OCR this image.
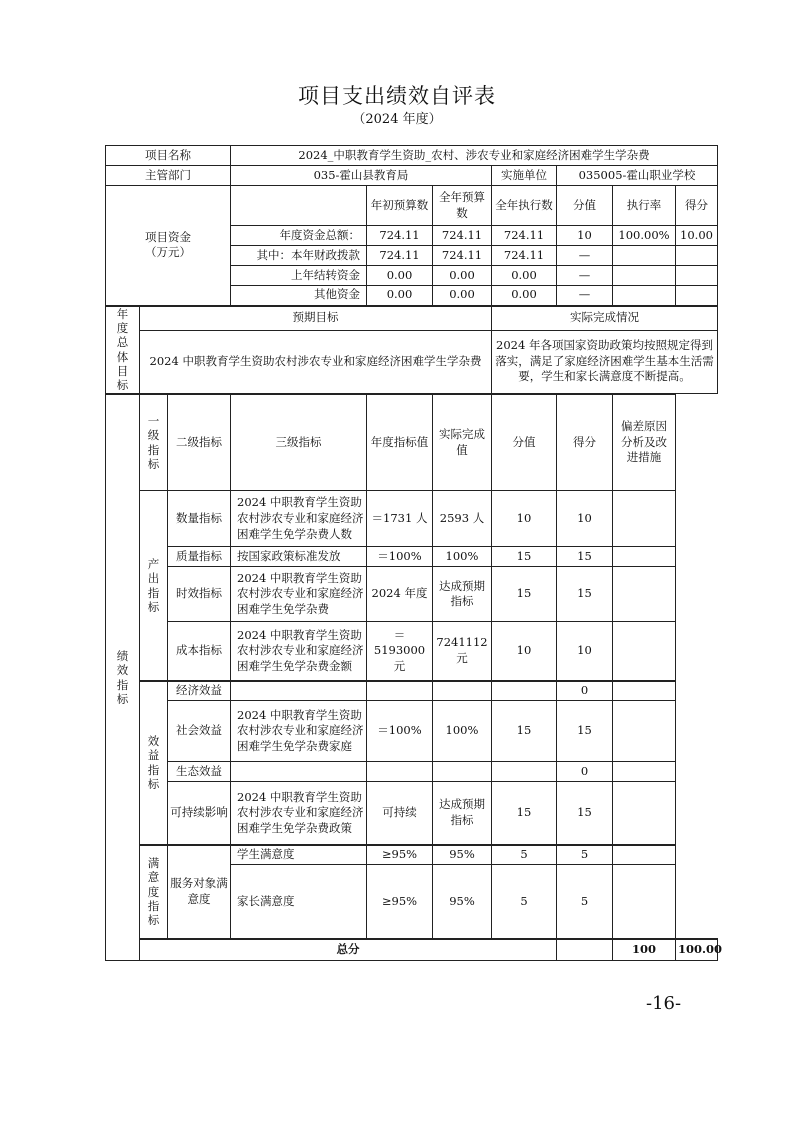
项目支出绩效自评表
（2024 年度）
项目名称			2024_中职教育学生资助_农村、涉农专业和家庭经济困难学生学杂费							
主管部门			035-霍山县教育局			实施单位	035005-霍山职业学校			
项目资金
（万元）				年初预算数	全年预算数	全年执行数	分值	执行率	得分	
			年度资金总额：	724.11	724.11	724.11	10	100.00%	10.00	
			其中：本年财政拨款	724.11	724.11	724.11	—			
			上年结转资金	0.00	0.00	0.00	—			
			其他资金	0.00	0.00	0.00	—			

年度总体目标	预期目标					实际完成情况				
	2024 中职教育学生资助农村涉农专业和家庭经济困难学生学杂费					2024 年各项国家资助政策均按照规定得到落实，满足了家庭经济困难学生基本生活需要，学生和家长满意度不断提高。				

绩效指标	一级指标	二级指标	三级指标	年度指标值	实际完成值	分值	得分	偏差原因分析及改进措施		

	产出指标	数量指标	2024 中职教育学生资助农村涉农专业和家庭经济困难学生免学杂费人数	＝1731 人	2593 人	10	10			
		质量指标	按国家政策标准发放	＝100%	100%	15	15			
		时效指标	2024 中职教育学生资助农村涉农专业和家庭经济困难学生免学杂费	2024 年度	达成预期指标	15	15			
		成本指标	2024 中职教育学生资助农村涉农专业和家庭经济困难学生免学杂费金额	＝ 5193000 元	7241112 元	10	10			

	效益指标	经济效益					0			
		社会效益	2024 中职教育学生资助农村涉农专业和家庭经济困难学生免学杂费家庭	＝100%	100%	15	15			
		生态效益					0			
		可持续影响	2024 中职教育学生资助农村涉农专业和家庭经济困难学生免学杂费政策	可持续	达成预期指标	15	15			

	满意度指标	服务对象满意度	学生满意度	≥95%	95%	5	5			
			家长满意度	≥95%	95%	5	5			
	总分							100	100.00	
-16-
